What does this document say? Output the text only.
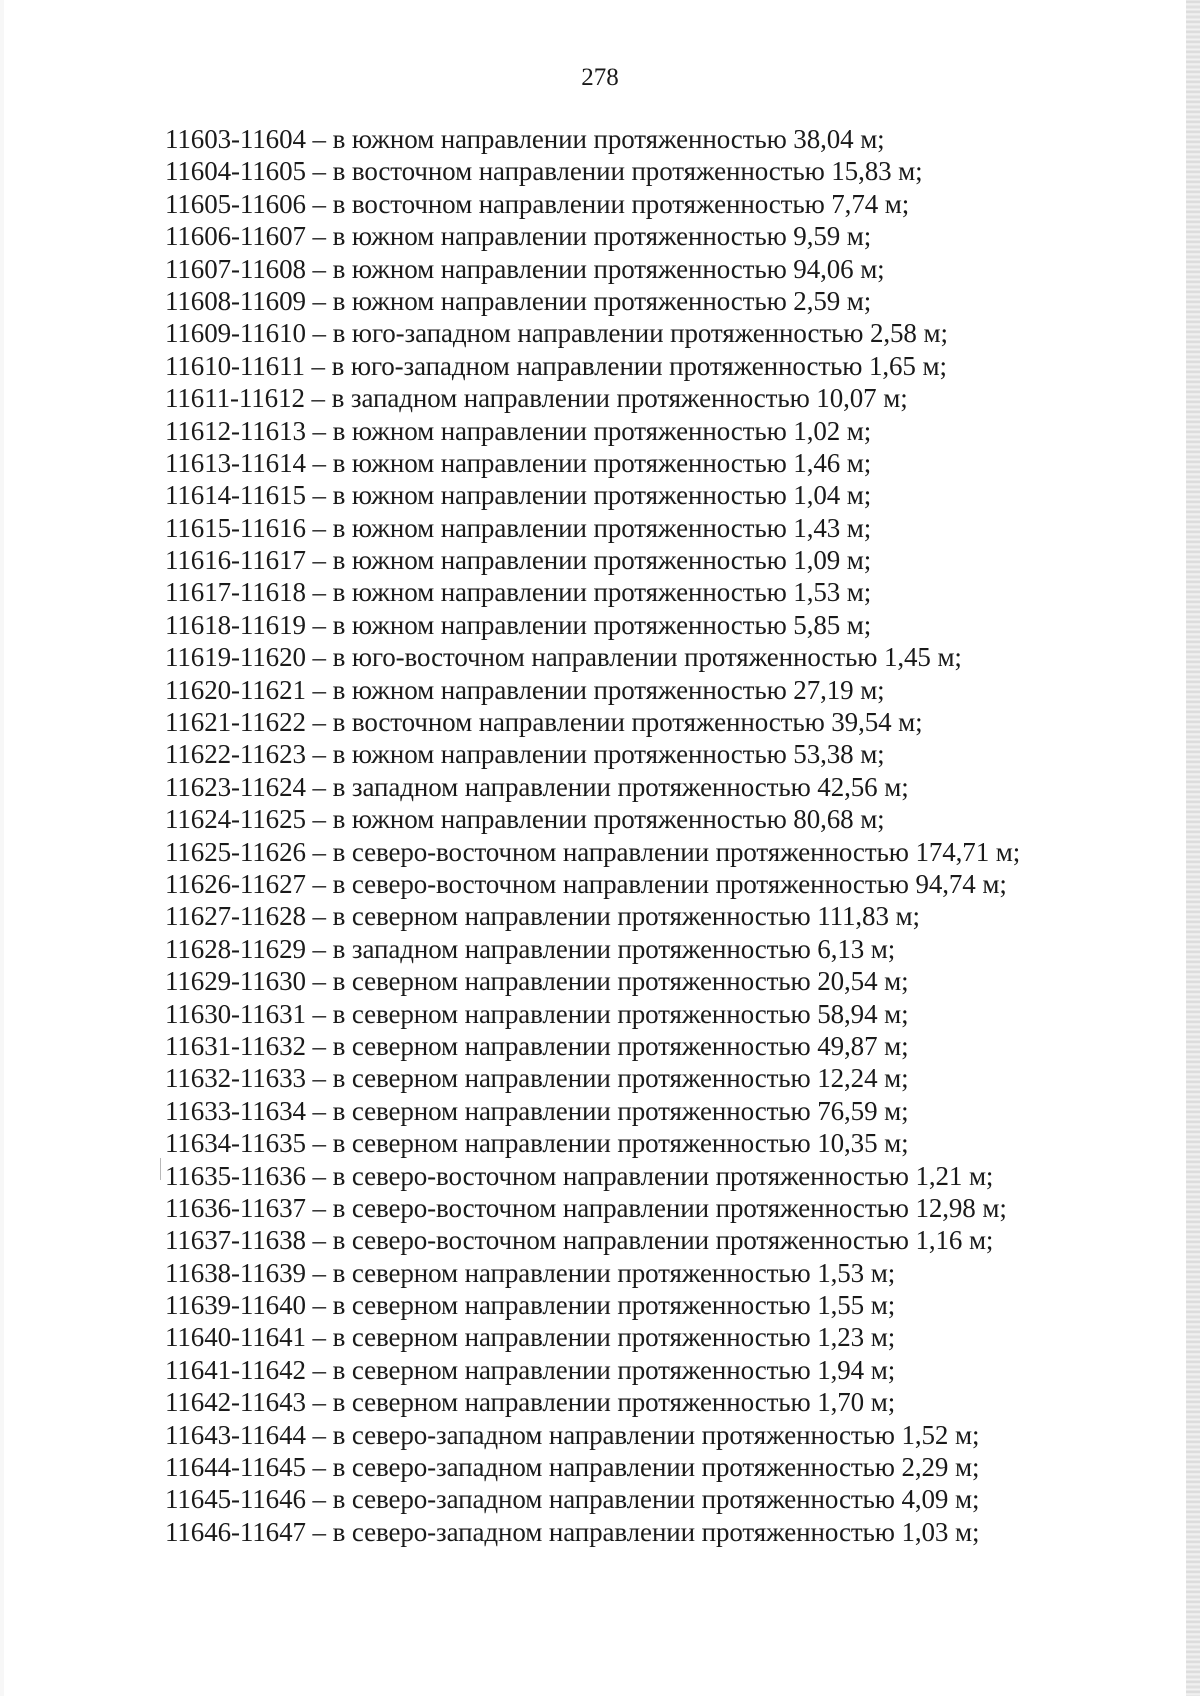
278
11603-11604 – в южном направлении протяженностью 38,04 м;
11604-11605 – в восточном направлении протяженностью 15,83 м;
11605-11606 – в восточном направлении протяженностью 7,74 м;
11606-11607 – в южном направлении протяженностью 9,59 м;
11607-11608 – в южном направлении протяженностью 94,06 м;
11608-11609 – в южном направлении протяженностью 2,59 м;
11609-11610 – в юго-западном направлении протяженностью 2,58 м;
11610-11611 – в юго-западном направлении протяженностью 1,65 м;
11611-11612 – в западном направлении протяженностью 10,07 м;
11612-11613 – в южном направлении протяженностью 1,02 м;
11613-11614 – в южном направлении протяженностью 1,46 м;
11614-11615 – в южном направлении протяженностью 1,04 м;
11615-11616 – в южном направлении протяженностью 1,43 м;
11616-11617 – в южном направлении протяженностью 1,09 м;
11617-11618 – в южном направлении протяженностью 1,53 м;
11618-11619 – в южном направлении протяженностью 5,85 м;
11619-11620 – в юго-восточном направлении протяженностью 1,45 м;
11620-11621 – в южном направлении протяженностью 27,19 м;
11621-11622 – в восточном направлении протяженностью 39,54 м;
11622-11623 – в южном направлении протяженностью 53,38 м;
11623-11624 – в западном направлении протяженностью 42,56 м;
11624-11625 – в южном направлении протяженностью 80,68 м;
11625-11626 – в северо-восточном направлении протяженностью 174,71 м;
11626-11627 – в северо-восточном направлении протяженностью 94,74 м;
11627-11628 – в северном направлении протяженностью 111,83 м;
11628-11629 – в западном направлении протяженностью 6,13 м;
11629-11630 – в северном направлении протяженностью 20,54 м;
11630-11631 – в северном направлении протяженностью 58,94 м;
11631-11632 – в северном направлении протяженностью 49,87 м;
11632-11633 – в северном направлении протяженностью 12,24 м;
11633-11634 – в северном направлении протяженностью 76,59 м;
11634-11635 – в северном направлении протяженностью 10,35 м;
11635-11636 – в северо-восточном направлении протяженностью 1,21 м;
11636-11637 – в северо-восточном направлении протяженностью 12,98 м;
11637-11638 – в северо-восточном направлении протяженностью 1,16 м;
11638-11639 – в северном направлении протяженностью 1,53 м;
11639-11640 – в северном направлении протяженностью 1,55 м;
11640-11641 – в северном направлении протяженностью 1,23 м;
11641-11642 – в северном направлении протяженностью 1,94 м;
11642-11643 – в северном направлении протяженностью 1,70 м;
11643-11644 – в северо-западном направлении протяженностью 1,52 м;
11644-11645 – в северо-западном направлении протяженностью 2,29 м;
11645-11646 – в северо-западном направлении протяженностью 4,09 м;
11646-11647 – в северо-западном направлении протяженностью 1,03 м;
